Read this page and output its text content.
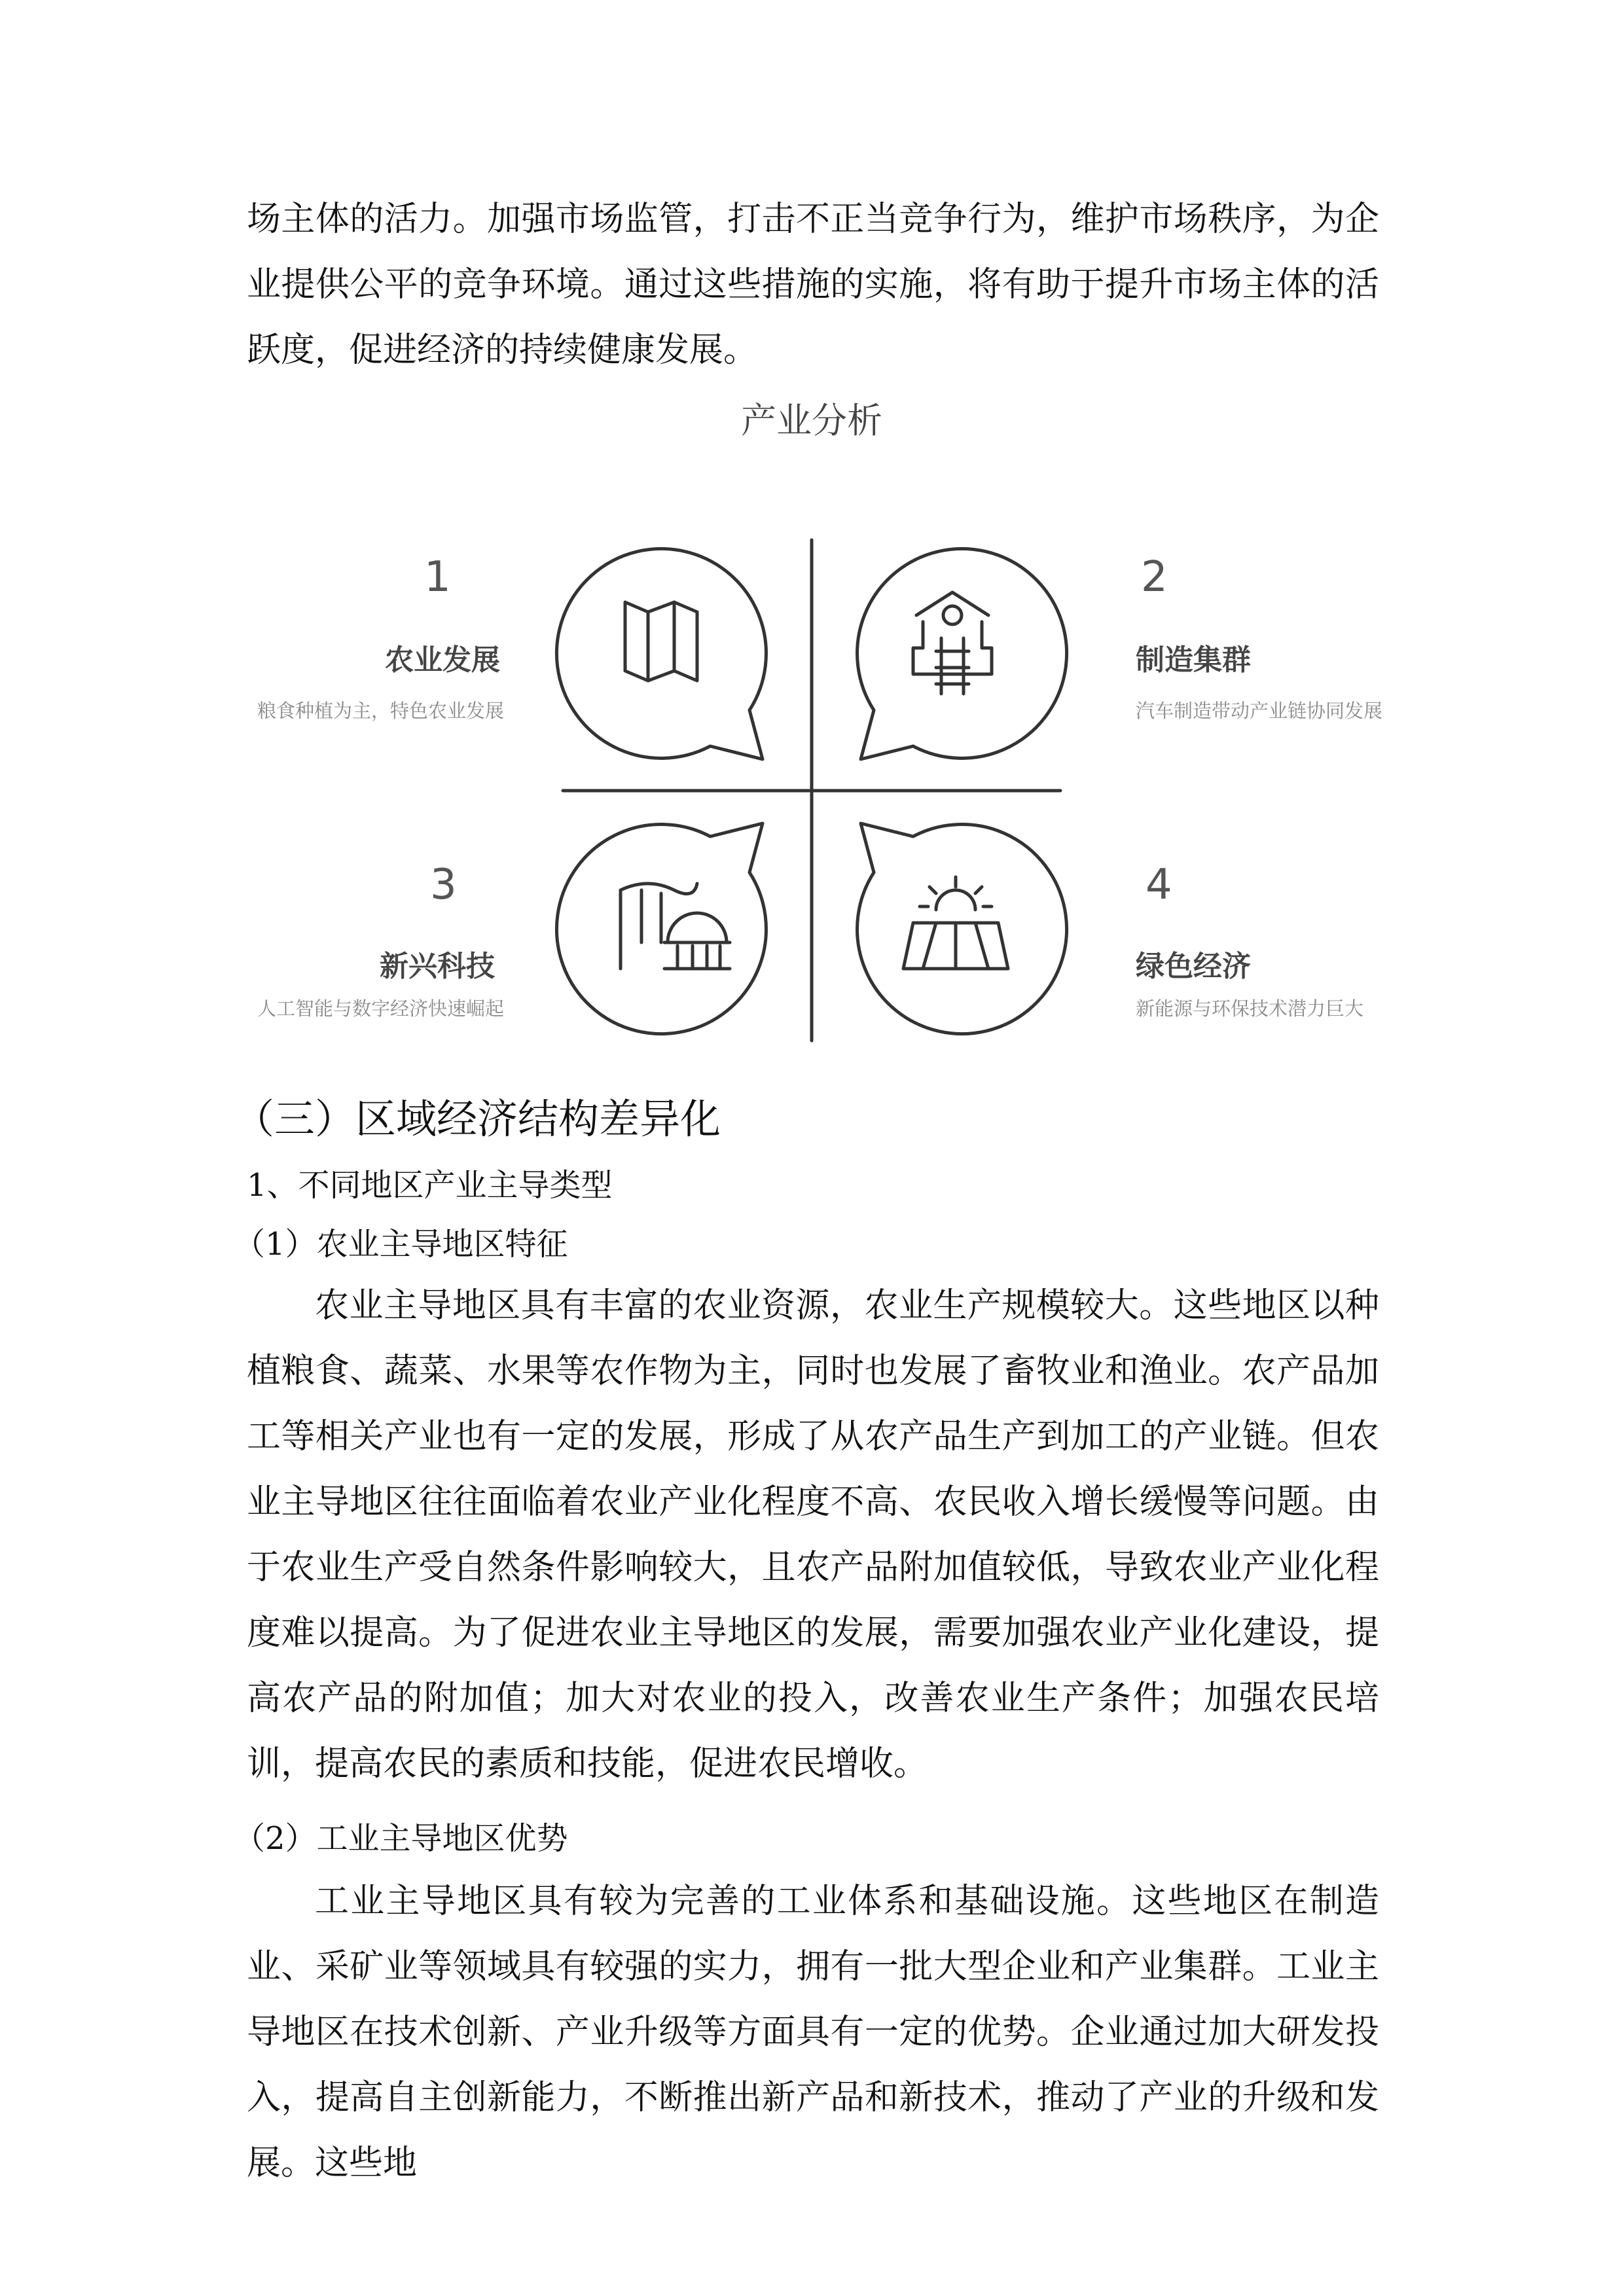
场主体的活力。加强市场监管，打击不正当竞争行为，维护市场秩序，为企业提供公平的竞争环境。通过这些措施的实施，将有助于提升市场主体的活跃度，促进经济的持续健康发展。

产业分析
1
农业发展
粮食种植为主，特色农业发展
2
制造集群
汽车制造带动产业链协同发展
3
新兴科技
人工智能与数字经济快速崛起
4
绿色经济
新能源与环保技术潜力巨大
（三）区域经济结构差异化
1、不同地区产业主导类型
（1）农业主导地区特征

农业主导地区具有丰富的农业资源，农业生产规模较大。这些地区以种植粮食、蔬菜、水果等农作物为主，同时也发展了畜牧业和渔业。农产品加工等相关产业也有一定的发展，形成了从农产品生产到加工的产业链。但农业主导地区往往面临着农业产业化程度不高、农民收入增长缓慢等问题。由于农业生产受自然条件影响较大，且农产品附加值较低，导致农业产业化程度难以提高。为了促进农业主导地区的发展，需要加强农业产业化建设，提高农产品的附加值；加大对农业的投入，改善农业生产条件；加强农民培训，提高农民的素质和技能，促进农民增收。

（2）工业主导地区优势

工业主导地区具有较为完善的工业体系和基础设施。这些地区在制造业、采矿业等领域具有较强的实力，拥有一批大型企业和产业集群。工业主导地区在技术创新、产业升级等方面具有一定的优势。企业通过加大研发投入，提高自主创新能力，不断推出新产品和新技术，推动了产业的升级和发展。这些地
